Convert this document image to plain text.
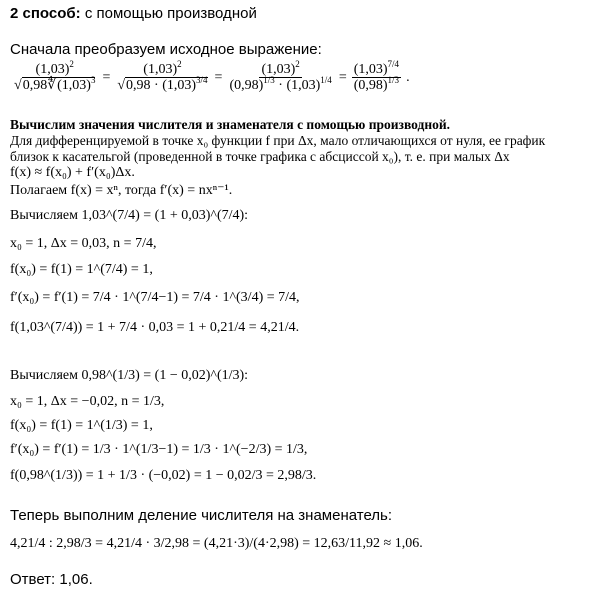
2 способ: с помощью производной
Сначала преобразуем исходное выражение:
$\frac{(1,03)^2}{√0,98∜(1,03)^3} = \frac{(1,03)^2}{√0,98 \cdot (1,03)^{3/4}} = \frac{(1,03)^2}{(0,98)^{1/3} \cdot (1,03)^{1/4}} = \frac{(1,03)^{7/4}}{(0,98)^{1/3}}$ .
Вычислим значения числителя и знаменателя с помощью производной.
Для дифференцируемой в точке x₀ функции f при Δx, мало отличающихся от нуля, ее график
близок к касательгой (проведенной в точке графика с абсциссой x₀), т. е. при малых Δx
f(x) ≈ f(x₀) + f′(x₀)Δx.
Полагаем f(x) = xⁿ, тогда f′(x) = nxⁿ⁻¹.
Вычисляем 1,03^(7/4) = (1 + 0,03)^(7/4):
x₀ = 1, Δx = 0,03, n = 7/4,
f(x₀) = f(1) = 1^(7/4) = 1,
f′(x₀) = f′(1) = 7/4 · 1^(7/4−1) = 7/4 · 1^(3/4) = 7/4,
f(1,03^(7/4)) = 1 + 7/4 · 0,03 = 1 + 0,21/4 = 4,21/4.
Вычисляем 0,98^(1/3) = (1 − 0,02)^(1/3):
x₀ = 1, Δx = −0,02, n = 1/3,
f(x₀) = f(1) = 1^(1/3) = 1,
f′(x₀) = f′(1) = 1/3 · 1^(1/3−1) = 1/3 · 1^(−2/3) = 1/3,
f(0,98^(1/3)) = 1 + 1/3 · (−0,02) = 1 − 0,02/3 = 2,98/3.
Теперь выполним деление числителя на знаменатель:
4,21/4 : 2,98/3 = 4,21/4 · 3/2,98 = (4,21·3)/(4·2,98) = 12,63/11,92 ≈ 1,06.
Ответ: 1,06.
